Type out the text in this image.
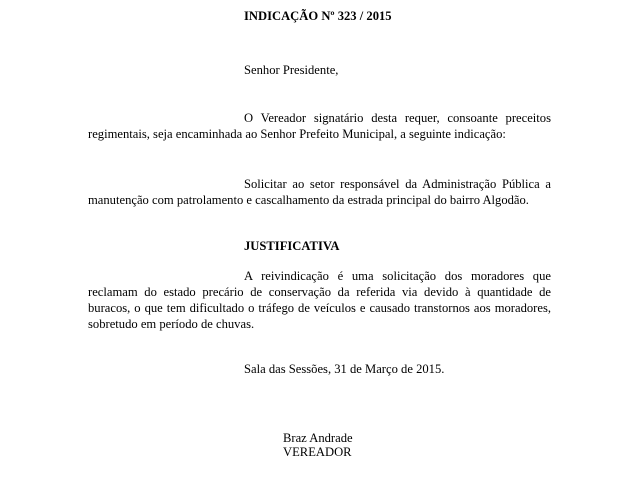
INDICAÇÃO Nº 323 / 2015
Senhor Presidente,
O Vereador signatário desta requer, consoante preceitos regimentais, seja encaminhada ao Senhor Prefeito Municipal, a seguinte indicação:
Solicitar ao setor responsável da Administração Pública a manutenção com patrolamento e cascalhamento da estrada principal do bairro Algodão.
JUSTIFICATIVA
A reivindicação é uma solicitação dos moradores que reclamam do estado precário de conservação da referida via devido à quantidade de buracos, o que tem dificultado o tráfego de veículos e causado transtornos aos moradores, sobretudo em período de chuvas.
Sala das Sessões, 31 de Março de 2015.
Braz Andrade
VEREADOR
